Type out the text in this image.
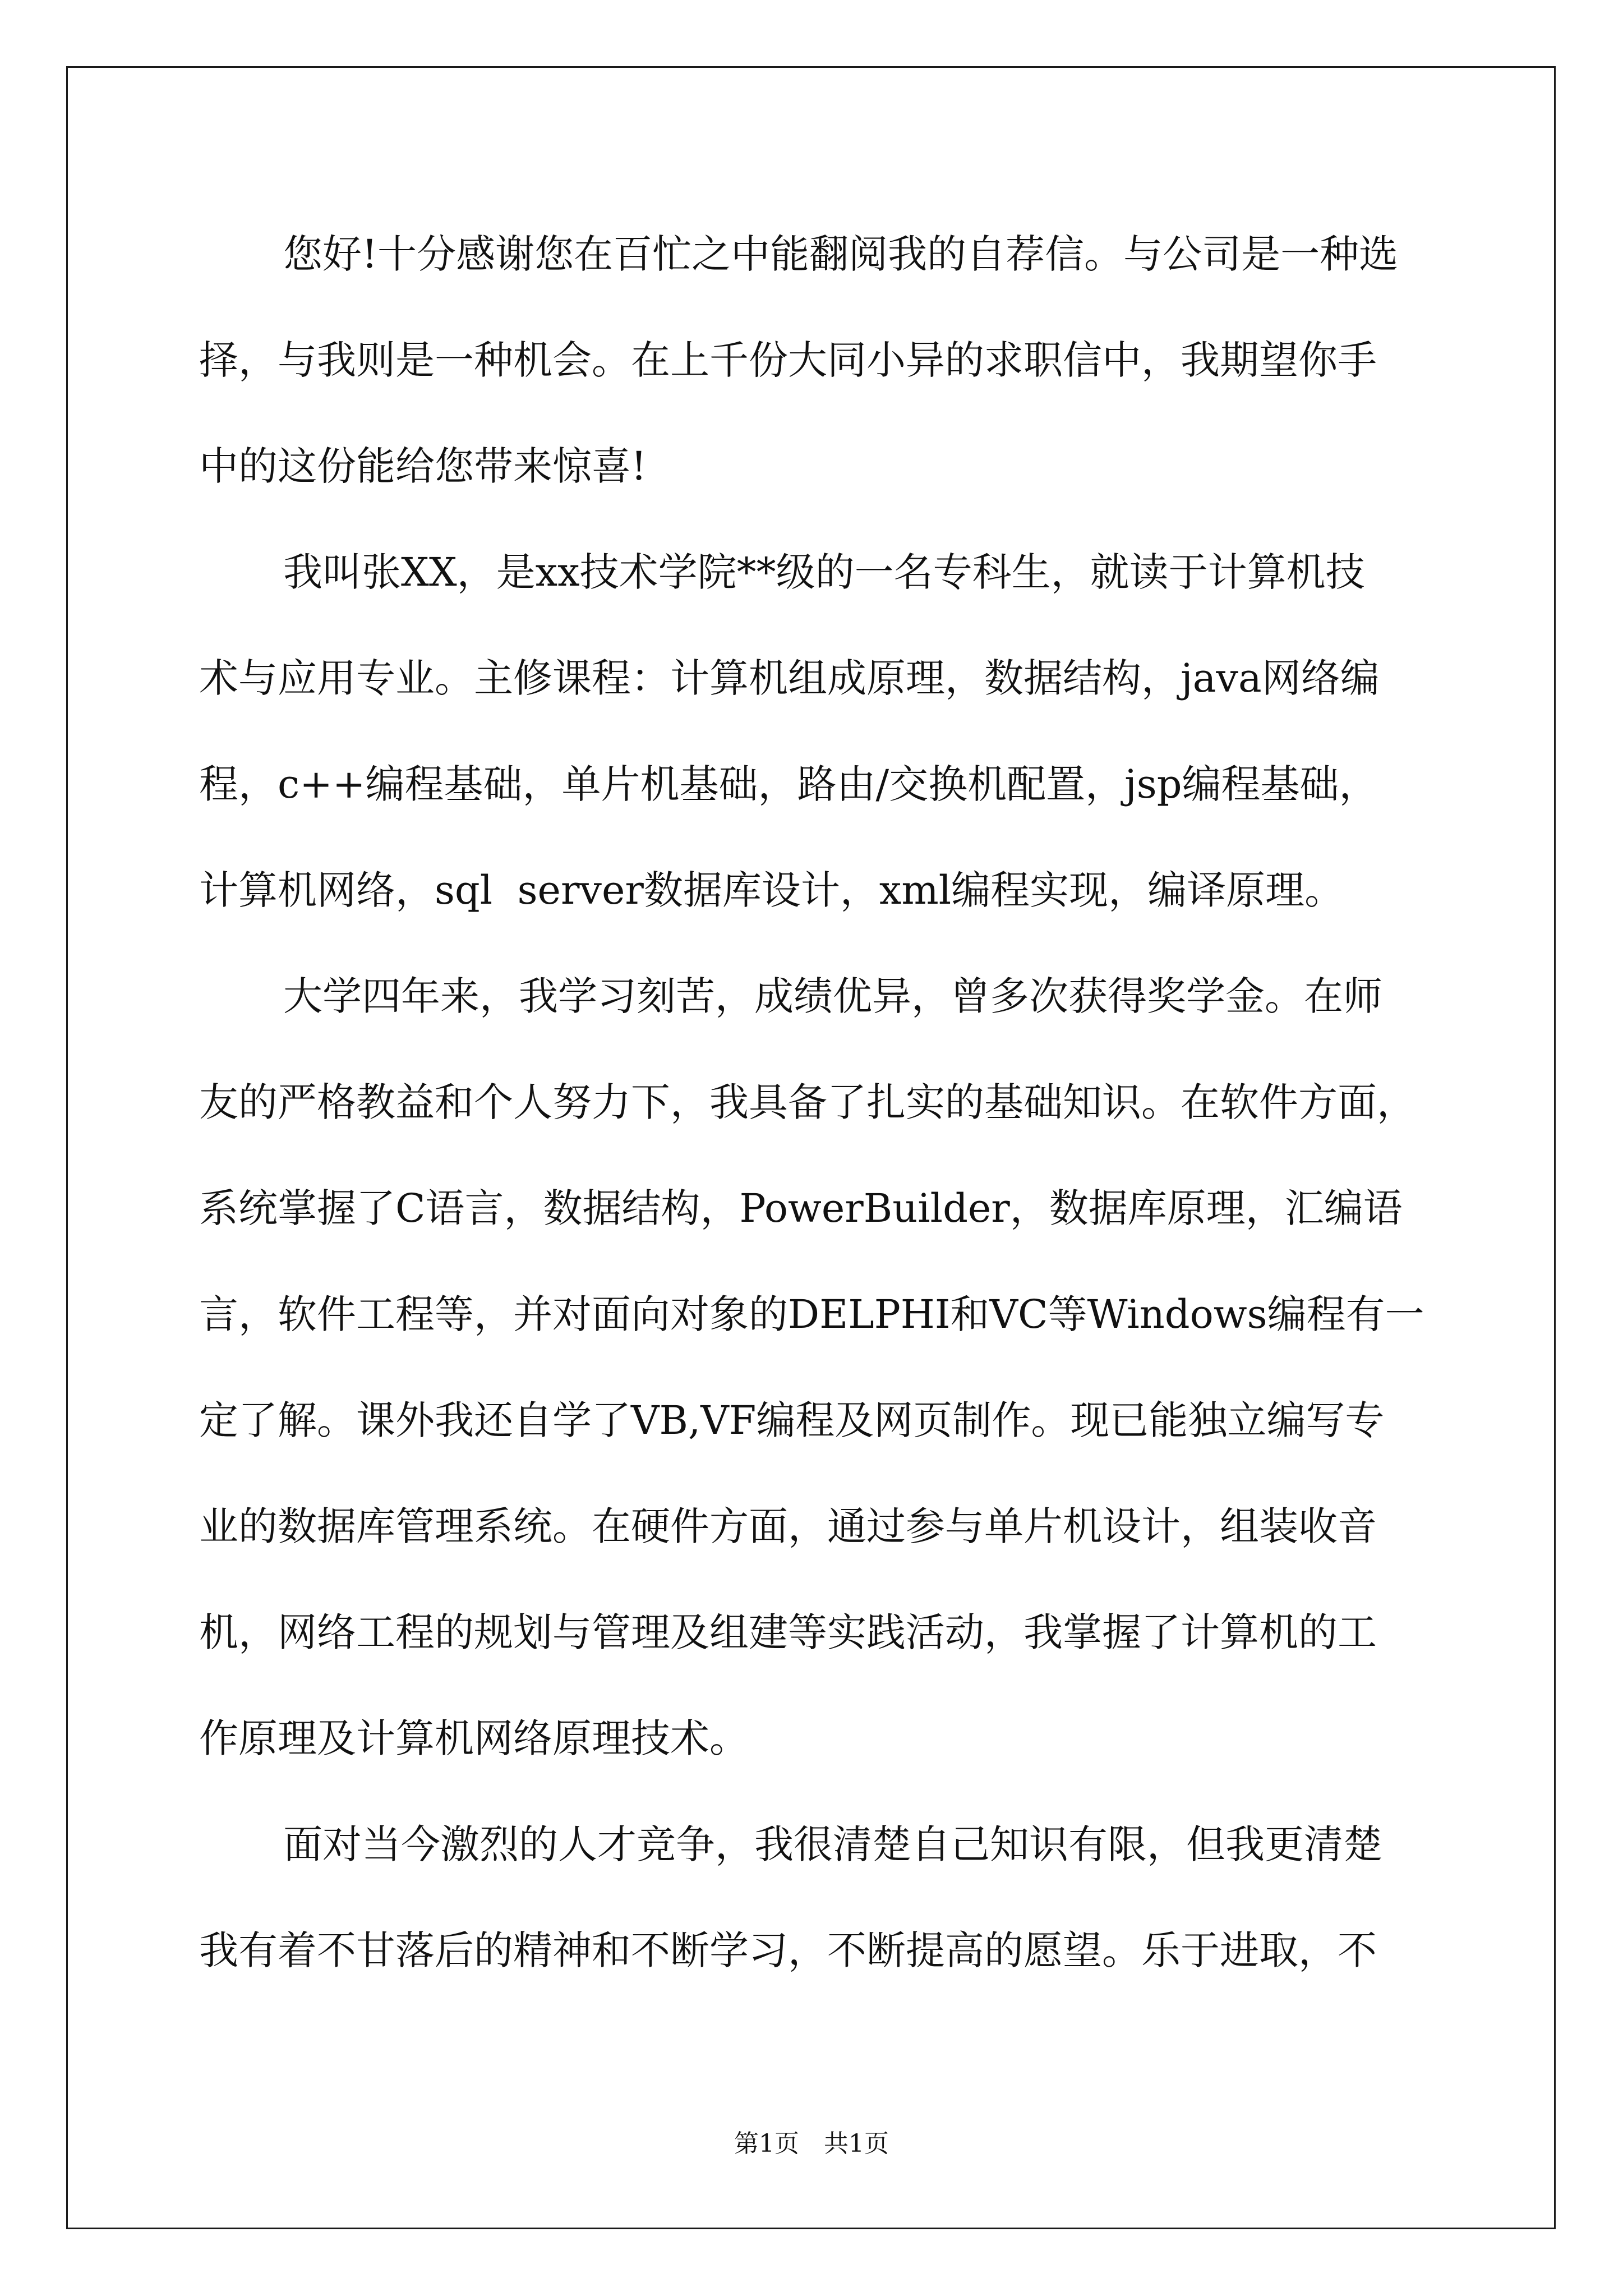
您好!十分感谢您在百忙之中能翻阅我的自荐信。与公司是一种选
择，与我则是一种机会。在上千份大同小异的求职信中，我期望你手
中的这份能给您带来惊喜!
我叫张XX，是xx技术学院**级的一名专科生，就读于计算机技
术与应用专业。主修课程：计算机组成原理，数据结构，java网络编
程，c++编程基础，单片机基础，路由/交换机配置，jsp编程基础，
计算机网络，sql  server数据库设计，xml编程实现，编译原理。
大学四年来，我学习刻苦，成绩优异，曾多次获得奖学金。在师
友的严格教益和个人努力下，我具备了扎实的基础知识。在软件方面，
系统掌握了C语言，数据结构，PowerBuilder，数据库原理，汇编语
言，软件工程等，并对面向对象的DELPHI和VC等Windows编程有一
定了解。课外我还自学了VB,VF编程及网页制作。现已能独立编写专
业的数据库管理系统。在硬件方面，通过参与单片机设计，组装收音
机，网络工程的规划与管理及组建等实践活动，我掌握了计算机的工
作原理及计算机网络原理技术。
面对当今激烈的人才竞争，我很清楚自己知识有限，但我更清楚
我有着不甘落后的精神和不断学习，不断提高的愿望。乐于进取，不
第1页　共1页
